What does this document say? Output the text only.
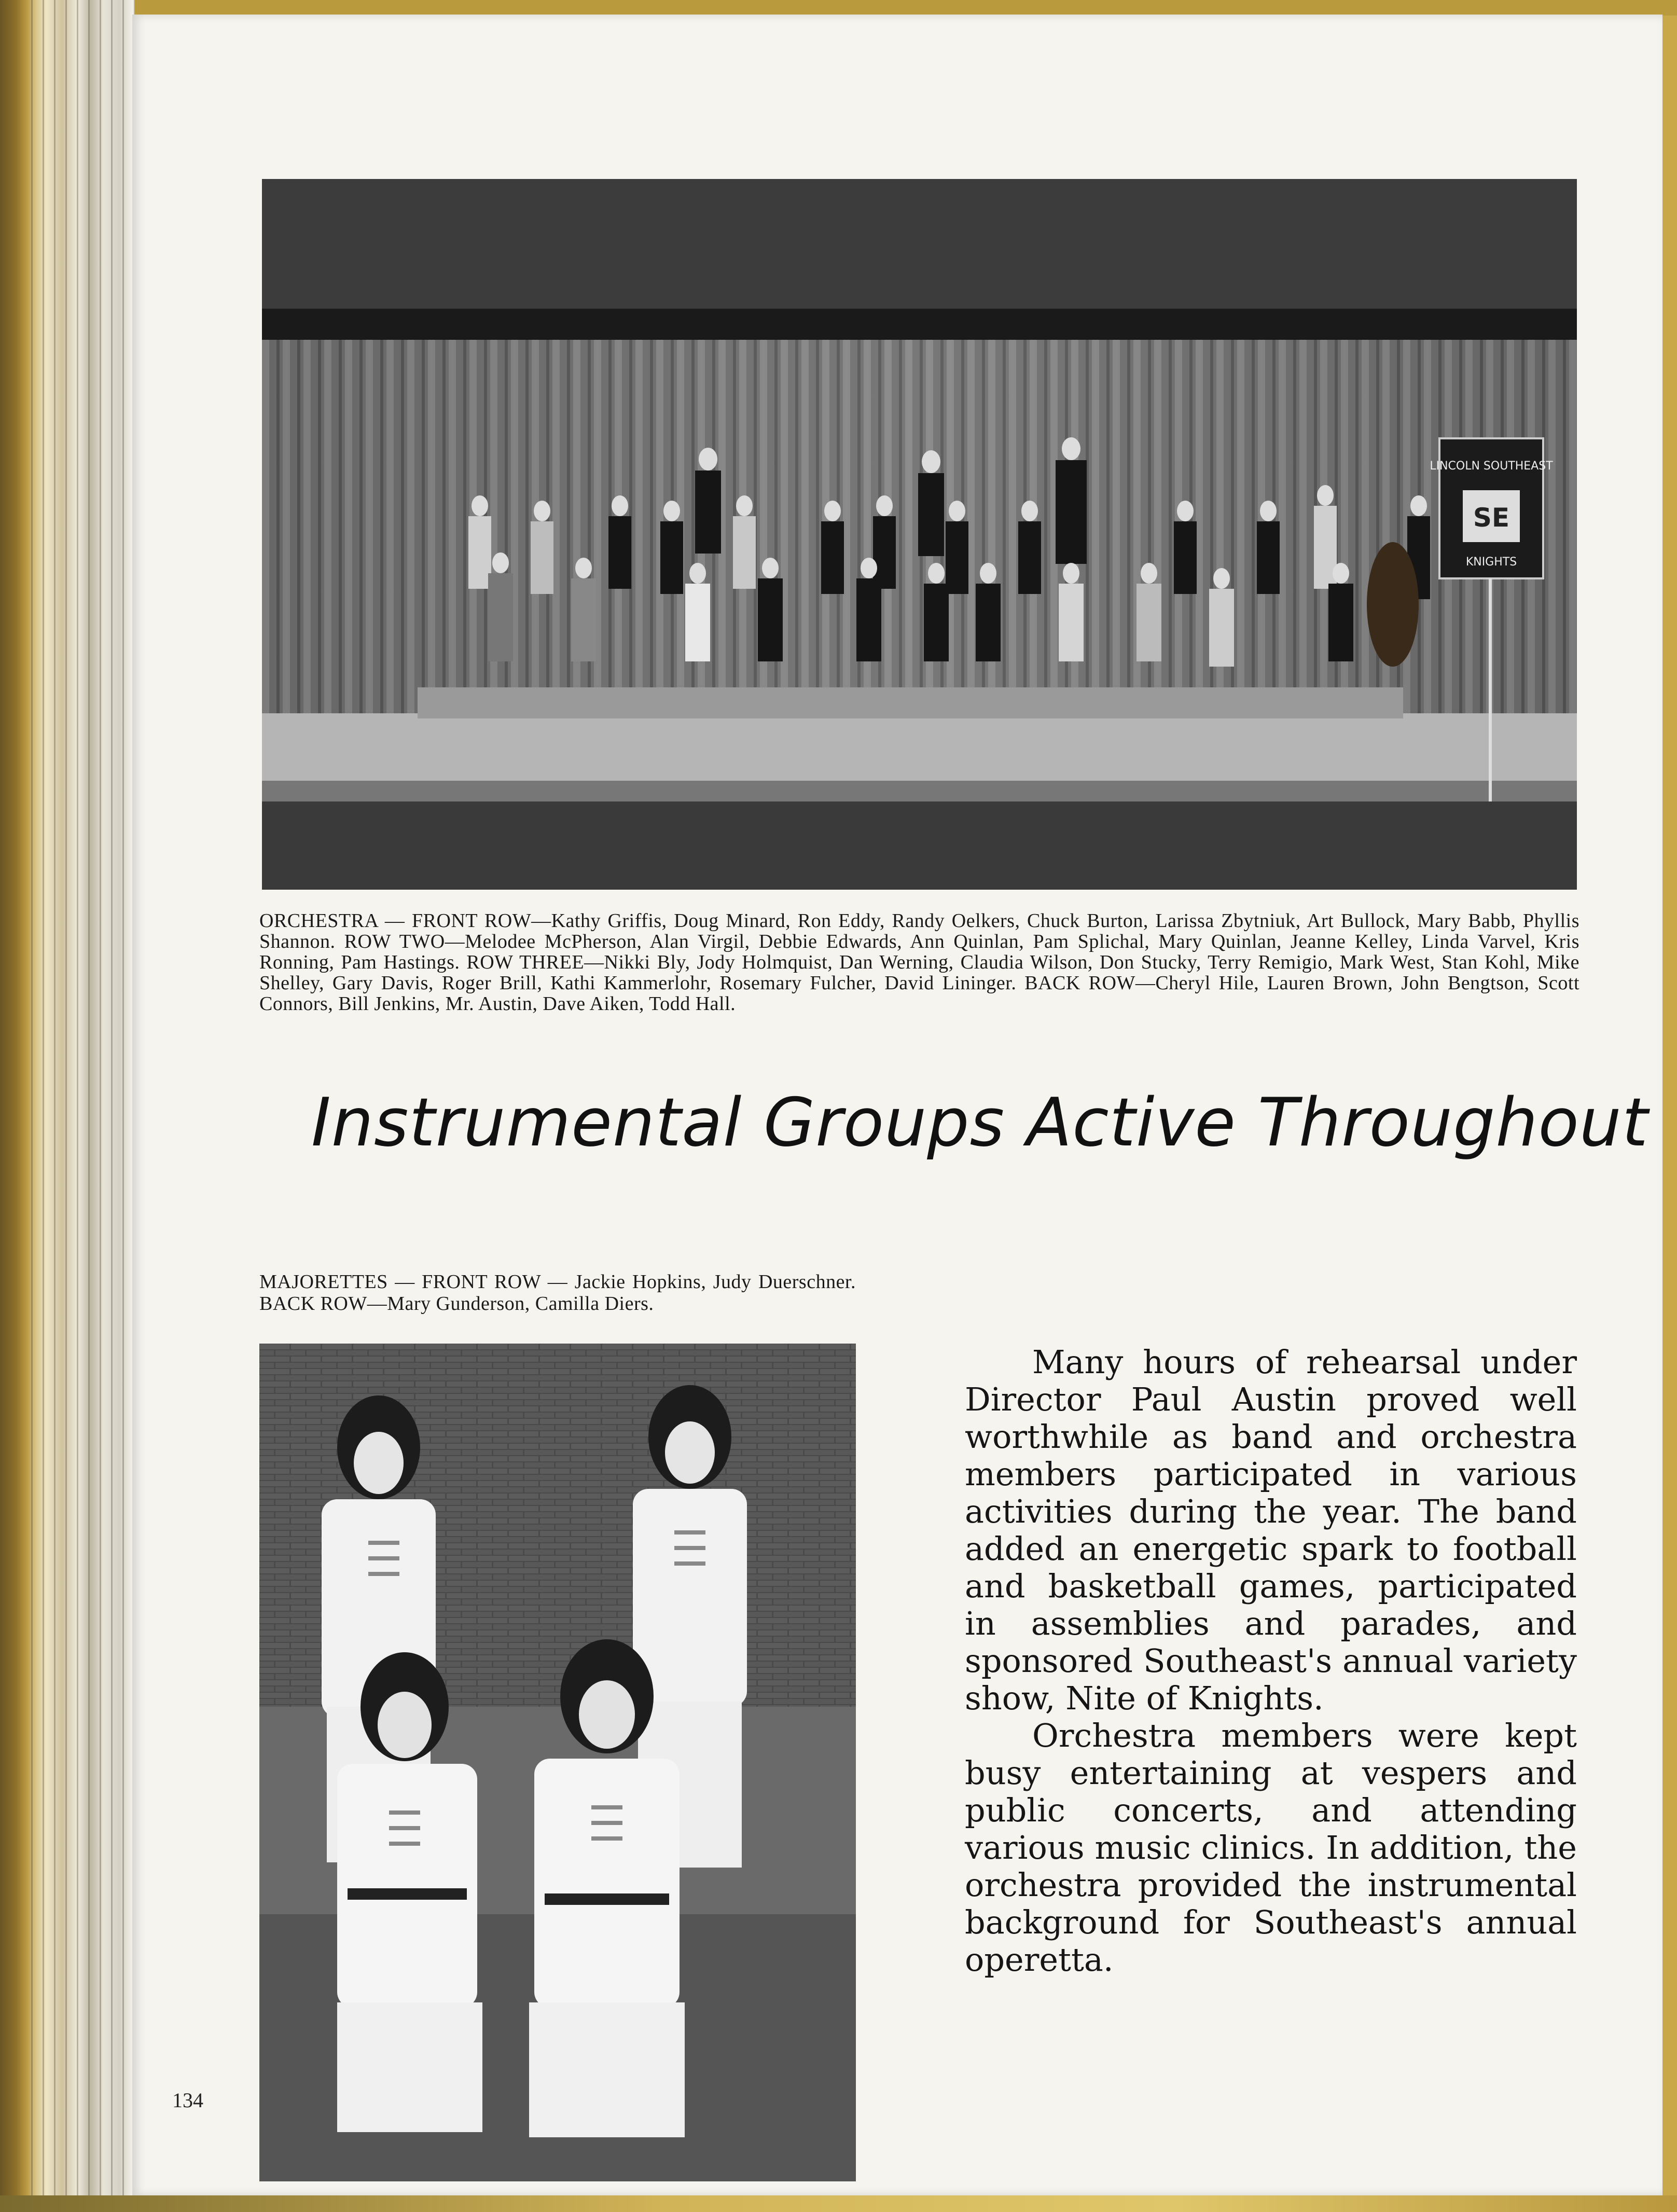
LINCOLN SOUTHEAST
SE
KNIGHTS
ORCHESTRA — FRONT ROW—Kathy Griffis, Doug Minard, Ron Eddy, Randy Oelkers, Chuck Burton, Larissa Zbytniuk, Art Bullock, Mary Babb, Phyllis Shannon. ROW TWO—Melodee McPherson, Alan Virgil, Debbie Edwards, Ann Quinlan, Pam Splichal, Mary Quinlan, Jeanne Kelley, Linda Varvel, Kris Ronning, Pam Hastings. ROW THREE—Nikki Bly, Jody Holmquist, Dan Werning, Claudia Wilson, Don Stucky, Terry Remigio, Mark West, Stan Kohl, Mike Shelley, Gary Davis, Roger Brill, Kathi Kammerlohr, Rosemary Fulcher, David Lininger. BACK ROW—Cheryl Hile, Lauren Brown, John Bengtson, Scott Connors, Bill Jenkins, Mr. Austin, Dave Aiken, Todd Hall.
Instrumental Groups Active Throughout
MAJORETTES — FRONT ROW — Jackie Hopkins, Judy Duerschner. BACK ROW—Mary Gunderson, Camilla Diers.

Many hours of rehearsal under Director Paul Austin proved well worthwhile as band and orchestra members participated in various activities during the year. The band added an energetic spark to football and basketball games, participated in assemblies and parades, and sponsored Southeast's annual variety show, Nite of Knights.

Orchestra members were kept busy entertaining at vespers and public concerts, and attending various music clinics. In addition, the orchestra provided the instrumental background for Southeast's annual operetta.

134
